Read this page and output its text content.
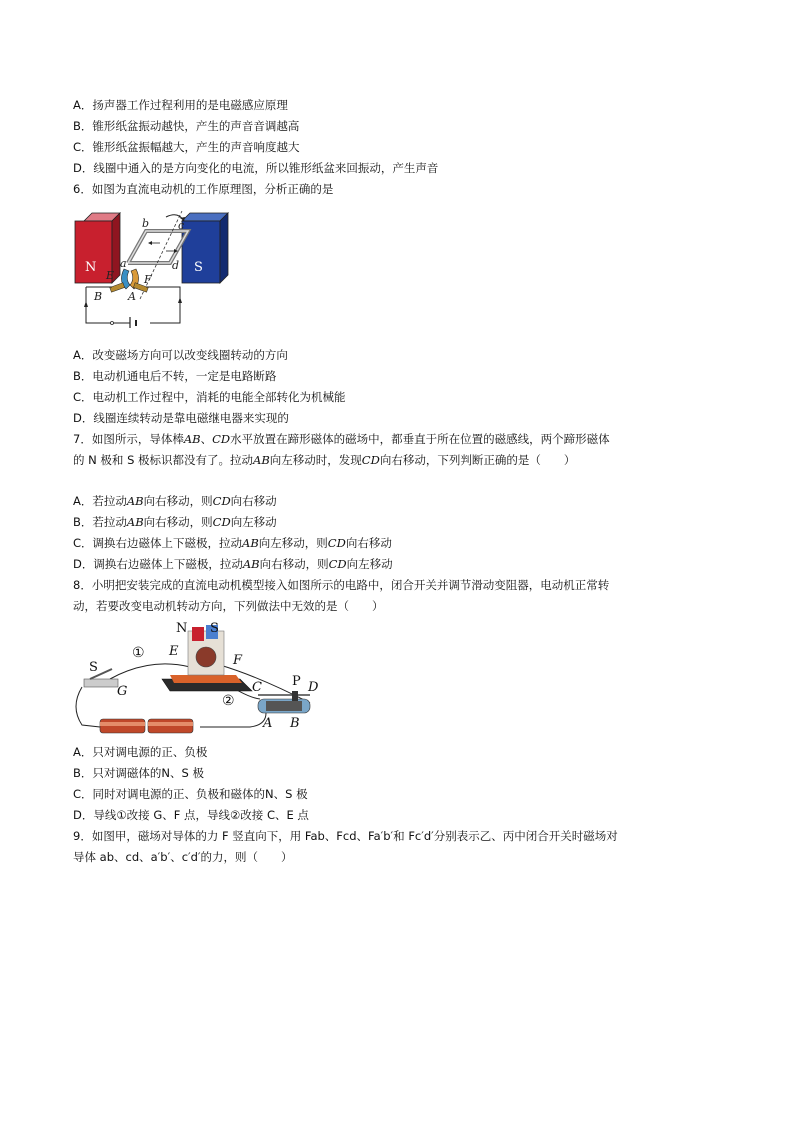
A．扬声器工作过程利用的是电磁感应原理
B．锥形纸盆振动越快，产生的声音音调越高
C．锥形纸盆振幅越大，产生的声音响度越大
D．线圈中通入的是方向变化的电流，所以锥形纸盆来回振动，产生声音
6．如图为直流电动机的工作原理图，分析正确的是
N	S
a
b	c
d
E	F
A
B
A．改变磁场方向可以改变线圈转动的方向
B．电动机通电后不转，一定是电路断路
C．电动机工作过程中，消耗的电能全部转化为机械能
D．线圈连续转动是靠电磁继电器来实现的
7．如图所示，导体棒AB、CD水平放置在蹄形磁体的磁场中，都垂直于所在位置的磁感线，两个蹄形磁体
的 N 极和 S 极标识都没有了。拉动AB向左移动时，发现CD向右移动，下列判断正确的是（　　）
A．若拉动AB向右移动，则CD向右移动
B．若拉动AB向右移动，则CD向左移动
C．调换右边磁体上下磁极，拉动AB向左移动，则CD向右移动
D．调换右边磁体上下磁极，拉动AB向右移动，则CD向左移动
8．小明把安装完成的直流电动机模型接入如图所示的电路中，闭合开关并调节滑动变阻器，电动机正常转
动，若要改变电动机转动方向，下列做法中无效的是（　　）
N S
E
F
①
②
S
G	C P D
A B
A．只对调电源的正、负极
B．只对调磁体的N、S 极
C．同时对调电源的正、负极和磁体的N、S 极
D．导线①改接 G、F 点，导线②改接 C、E 点
9．如图甲，磁场对导体的力 F 竖直向下，用 Fab、Fcd、Fa′b′和 Fc′d′分别表示乙、丙中闭合开关时磁场对
导体 ab、cd、a′b′、c′d′的力，则（　　）
